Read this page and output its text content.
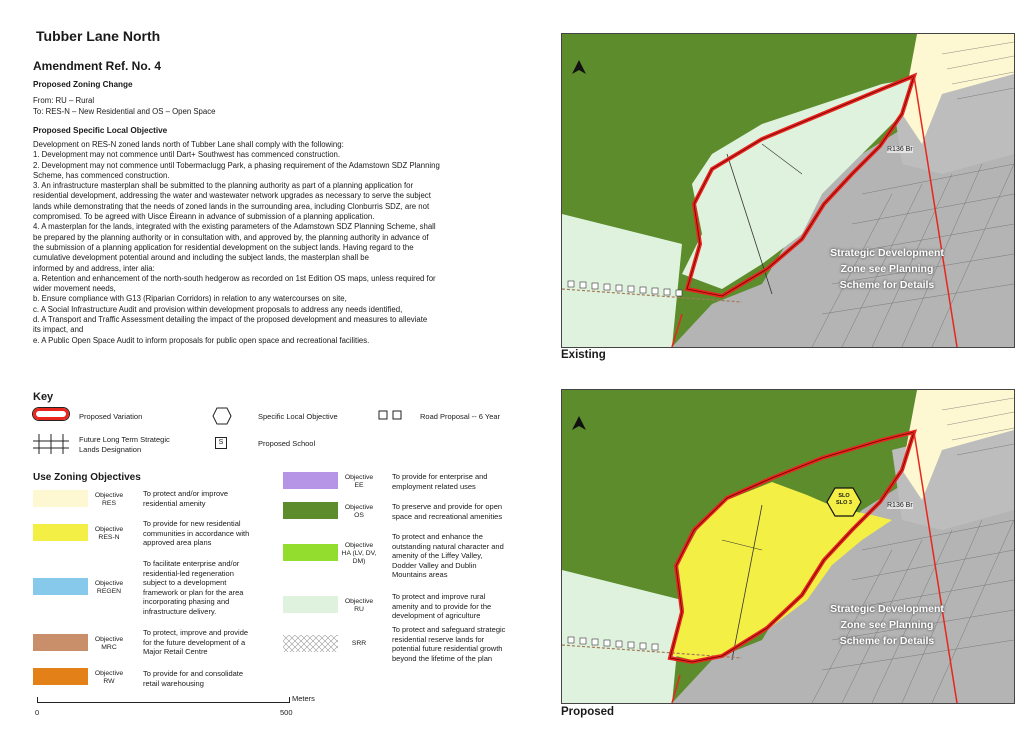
Tubber Lane North
Amendment Ref. No. 4
Proposed Zoning Change
From: RU – Rural
To: RES-N – New Residential and OS – Open Space
Proposed Specific Local Objective
Development on RES-N zoned lands north of Tubber Lane shall comply with the following:
1. Development may not commence until Dart+ Southwest has commenced construction.
2. Development may not commence until Tobermaclugg Park, a phasing requirement of the Adamstown SDZ Planning
Scheme, has commenced construction.
3. An infrastructure masterplan shall be submitted to the planning authority as part of a planning application for
residential development, addressing the water and wastewater network upgrades as necessary to serve the subject
lands while demonstrating that the needs of zoned lands in the surrounding area, including Clonburris SDZ, are not
compromised. To be agreed with Uisce Éireann in advance of submission of a planning application.
4. A masterplan for the lands, integrated with the existing parameters of the Adamstown SDZ Planning Scheme, shall
be prepared by the planning authority or in consultation with, and approved by, the planning authority in advance of
the submission of a planning application for residential development on the subject lands. Having regard to the
cumulative development potential around and including the subject lands, the masterplan shall be
informed by and address, inter alia:
a. Retention and enhancement of the north-south hedgerow as recorded on 1st Edition OS maps, unless required for
wider movement needs,
b. Ensure compliance with G13 (Riparian Corridors) in relation to any watercourses on site,
c. A Social Infrastructure Audit and provision within development proposals to address any needs identified,
d. A Transport and Traffic Assessment detailing the impact of the proposed development and measures to alleviate
its impact, and
e. A Public Open Space Audit to inform proposals for public open space and recreational facilities.
Key
Proposed Variation
Future Long Term Strategic
Lands Designation
Specific Local Objective
S	Proposed School
Road Proposal -- 6 Year
Use Zoning Objectives
Objective
RES
To protect and/or improve
residential amenity
Objective
RES-N
To provide for new residential
communities in accordance with
approved area plans
Objective
REGEN
To facilitate enterprise and/or
residential-led regeneration
subject to a development
framework or plan for the area
incorporating phasing and
infrastructure delivery.
Objective
MRC
To protect, improve and provide
for the future development of a
Major Retail Centre
Objective
RW
To provide for and consolidate
retail warehousing
Objective
EE
To provide for enterprise and
employment related uses
Objective
OS
To preserve and provide for open
space and recreational amenities
Objective
HA (LV, DV,
DM)
To protect and enhance the
outstanding natural character and
amenity of the Liffey Valley,
Dodder Valley and Dublin
Mountains areas
Objective
RU
To protect and improve rural
amenity and to provide for the
development of agriculture
SRR
To protect and safeguard strategic
residential reserve lands for
potential future residential growth
beyond the lifetime of the plan
Meters
0	500
R136 Br
Strategic Development
Zone see Planning
Scheme for Details
Existing
SLO
SLO 3	R136 Br
Strategic Development
Zone see Planning
Scheme for Details
Proposed
